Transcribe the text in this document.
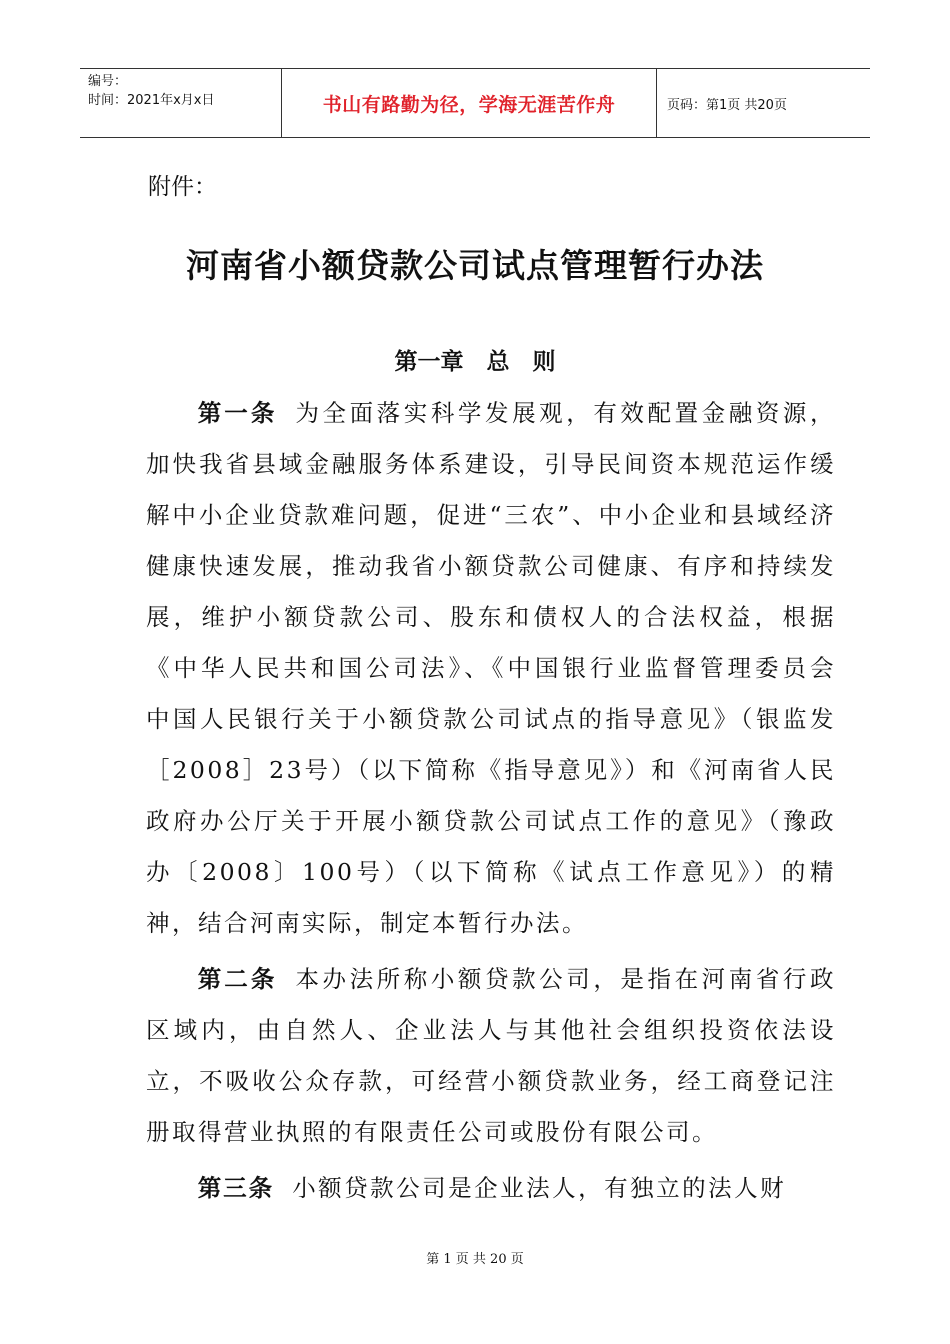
编号：
时间：2021年x月x日	书山有路勤为径，学海无涯苦作舟	页码：第1页 共20页
附件：
河南省小额贷款公司试点管理暂行办法
第一章　总　则

第一条 为全面落实科学发展观，有效配置金融资源，加快我省县域金融服务体系建设，引导民间资本规范运作缓解中小企业贷款难问题，促进“三农”、中小企业和县域经济健康快速发展，推动我省小额贷款公司健康、有序和持续发展，维护小额贷款公司、股东和债权人的合法权益，根据《中华人民共和国公司法》、《中国银行业监督管理委员会　中国人民银行关于小额贷款公司试点的指导意见》（银监发［2008］23号）（以下简称《指导意见》）和《河南省人民政府办公厅关于开展小额贷款公司试点工作的意见》（豫政办〔2008〕100号）（以下简称《试点工作意见》）的精神，结合河南实际，制定本暂行办法。

第二条 本办法所称小额贷款公司，是指在河南省行政区域内，由自然人、企业法人与其他社会组织投资依法设立，不吸收公众存款，可经营小额贷款业务，经工商登记注册取得营业执照的有限责任公司或股份有限公司。

第三条 小额贷款公司是企业法人，有独立的法人财

第 1 页 共 20 页
